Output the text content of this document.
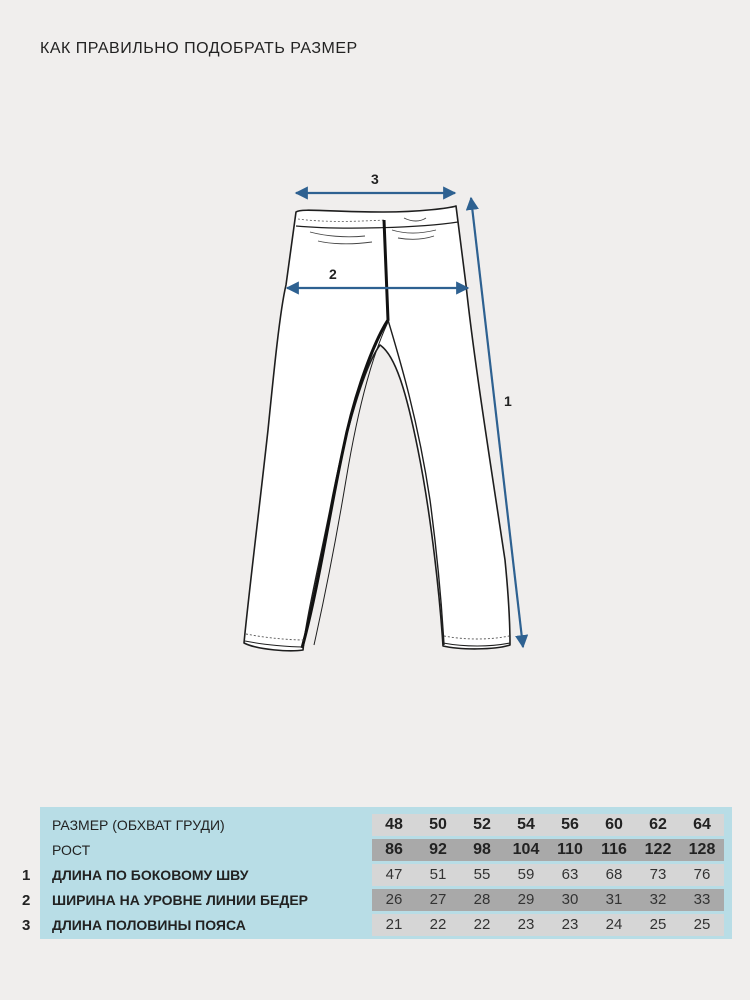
КАК ПРАВИЛЬНО ПОДОБРАТЬ РАЗМЕР
3
2
1
РАЗМЕР (ОБХВАТ ГРУДИ)	48	50	52	54	56	60	62	64
РОСТ	86	92	98	104	110	116	122	128
1 ДЛИНА ПО БОКОВОМУ ШВУ	47	51	55	59	63	68	73	76
2 ШИРИНА НА УРОВНЕ ЛИНИИ БЕДЕР	26	27	28	29	30	31	32	33
3 ДЛИНА ПОЛОВИНЫ ПОЯСА	21	22	22	23	23	24	25	25
